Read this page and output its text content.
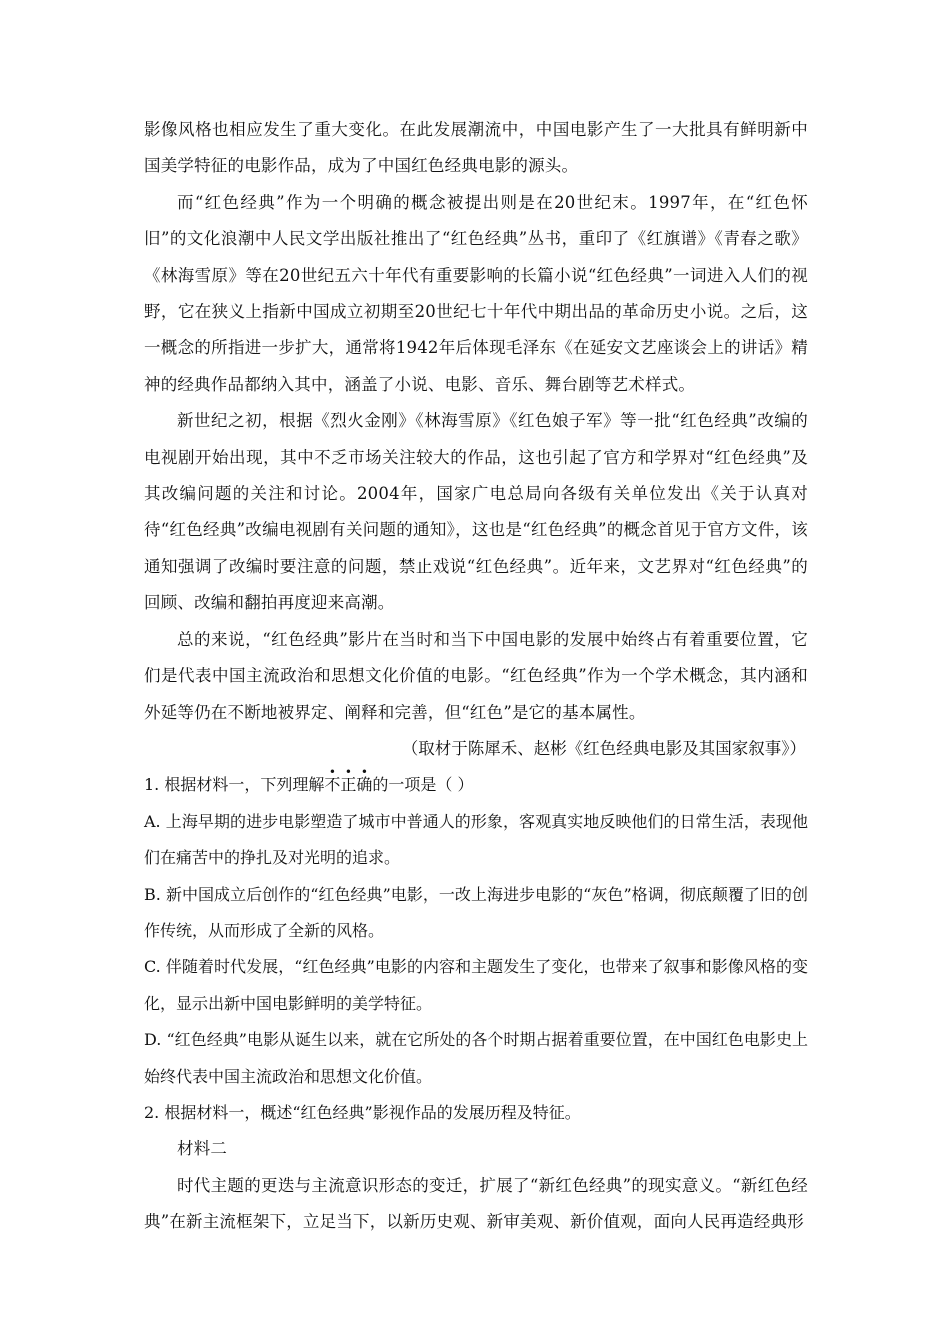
影像风格也相应发生了重大变化。在此发展潮流中，中国电影产生了一大批具有鲜明新中国美学特征的电影作品，成为了中国红色经典电影的源头。

而“红色经典”作为一个明确的概念被提出则是在20世纪末。1997年，在“红色怀旧”的文化浪潮中人民文学出版社推出了“红色经典”丛书，重印了《红旗谱》《青春之歌》《林海雪原》等在20世纪五六十年代有重要影响的长篇小说“红色经典”一词进入人们的视野，它在狭义上指新中国成立初期至20世纪七十年代中期出品的革命历史小说。之后，这一概念的所指进一步扩大，通常将1942年后体现毛泽东《在延安文艺座谈会上的讲话》精神的经典作品都纳入其中，涵盖了小说、电影、音乐、舞台剧等艺术样式。

新世纪之初，根据《烈火金刚》《林海雪原》《红色娘子军》等一批“红色经典”改编的电视剧开始出现，其中不乏市场关注较大的作品，这也引起了官方和学界对“红色经典”及其改编问题的关注和讨论。2004年，国家广电总局向各级有关单位发出《关于认真对待“红色经典”改编电视剧有关问题的通知》，这也是“红色经典”的概念首见于官方文件，该通知强调了改编时要注意的问题，禁止戏说“红色经典”。近年来，文艺界对“红色经典”的回顾、改编和翻拍再度迎来高潮。

总的来说，“红色经典”影片在当时和当下中国电影的发展中始终占有着重要位置，它们是代表中国主流政治和思想文化价值的电影。“红色经典”作为一个学术概念，其内涵和外延等仍在不断地被界定、阐释和完善，但“红色”是它的基本属性。

（取材于陈犀禾、赵彬《红色经典电影及其国家叙事》）

1. 根据材料一，下列理解不
•
正
•
确
•
的一项是（ ）

A. 上海早期的进步电影塑造了城市中普通人的形象，客观真实地反映他们的日常生活，表现他们在痛苦中的挣扎及对光明的追求。

B. 新中国成立后创作的“红色经典”电影，一改上海进步电影的“灰色”格调，彻底颠覆了旧的创作传统，从而形成了全新的风格。

C. 伴随着时代发展，“红色经典”电影的内容和主题发生了变化，也带来了叙事和影像风格的变化，显示出新中国电影鲜明的美学特征。

D. “红色经典”电影从诞生以来，就在它所处的各个时期占据着重要位置，在中国红色电影史上始终代表中国主流政治和思想文化价值。

2. 根据材料一，概述“红色经典”影视作品的发展历程及特征。

材料二

时代主题的更迭与主流意识形态的变迁，扩展了“新红色经典”的现实意义。“新红色经典”在新主流框架下，立足当下，以新历史观、新审美观、新价值观，面向人民再造经典形
